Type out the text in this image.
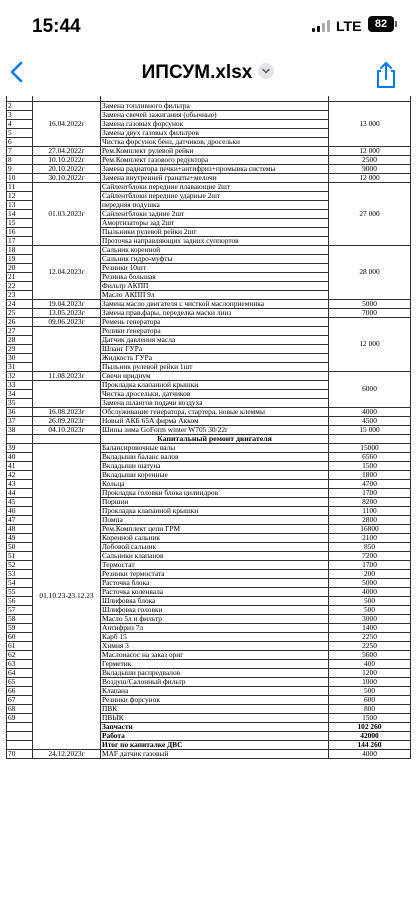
15:44	LTE	82
ИПСУМ.xlsx

2	16.04.2022г	Замена топливного фильтра	13 000
3		Замена свечей зажигания (обычные)	
4		Замена газовых форсунок	
5		Замена двух газовых фильтров	
6		Чистка форсунок бенз, датчиков, дросельки	
7	27.04.2022г	Рем.Комплект рулевой рейки	12 000
8	10.10.2022г	Рем.Комплект газового редуктора	2500
9	20.10.2022г	Замена радиатора печки+антифриз+промывка системы	9000
10	30.10.2022г	Замена внутренней гранаты+мелочи	12 000
11	01.03.2023г	Сайлентблоки передние плавающие 2шт	27 000
12		Сайлентблоки передние ударные 2шт	
13		передняя подушка	
14		Сайлентблоки задние 2шт	
15		Амортизаторы зад 2шт	
16		Пыльники рулевой рейки 2шт	
17		Проточка направляющих задних суппортов	
18	12.04.2023г	Сальник коренной	28 000
19		Сальник гидро-муфты	
20		Резинки 10шт	
21		Резинка большая	
22		Фильтр АКПП	
23		Масло АКПП 9л	
24	19.04.2023г	Замена масло двигателя с чисткой маслоприемника	5000
25	13.05.2023г	Замена прав.фары, переделка маски линз	7000
26	09.06.2023г	Ремень генератора	12 000
27		Ролики генератора	
28		Датчик давления масла	
29		Шланг ГУРа	
30		Жидкость ГУРа	
31		Пыльник рулевой рейки 1шт	
32	11.08.2023г	Свечи иридиум	6000
33		Прокладка клапанной крышки	
34		Чистка дросельки, датчиков	
35		Замена шлангов подачи воздуха	
36	16.08.2023г	Обслуживание генератора, стартера, новые клеммы	4000
37	26.09.2023г	Новый АКБ 65А фирма Акком	4500
38	04.10.2023г	Шины зима GoForm winter W705 30/22г	15 000
		Капитальный ремонт двигателя	
39	01.10.23-23.12.23	Балансировочные валы	15000
40		Вкладыши баланс валов	6560
41		Вкладыши шатуна	1500
42		Вкладыши коренные	1800
43		Кольца	4700
44		Прокладка головки блока цилиндров	1700
45		Поршни	8200
46		Прокладка клапанной крышки	1100
47		Помпа	2800
48		Рем.Комплект цепи ГРМ	16800
49		Коренной сальник	2100
50		Лобовой сальник	850
51		Сальники клапанов	7200
52		Термостат	1700
53		Резинки термостата	200
54		Расточка блока	5000
55		Расточка коленвала	4000
56		Шлифовка блока	500
57		Шлифовка головки	500
58		Масло 5л и фильтр	3000
59		Антифриз 7л	1400
60		Карб 15	2250
61		Химия 3	2250
62		Маслонасос на заказ ориг	5600
63		Герметик	400
64		Вкладыши распредвалов	1200
65		Воздуш/Салонный фильтр	1000
66		Клапана	500
67		Резинки форсунок	600
68		ПВК	800
69		ПВЫК	1500
		Запчасти	102 260
		Работа	42000
		Итог по капиталке ДВС	144 260
70	24.12.2023г	MAF датчик газовый	4000
